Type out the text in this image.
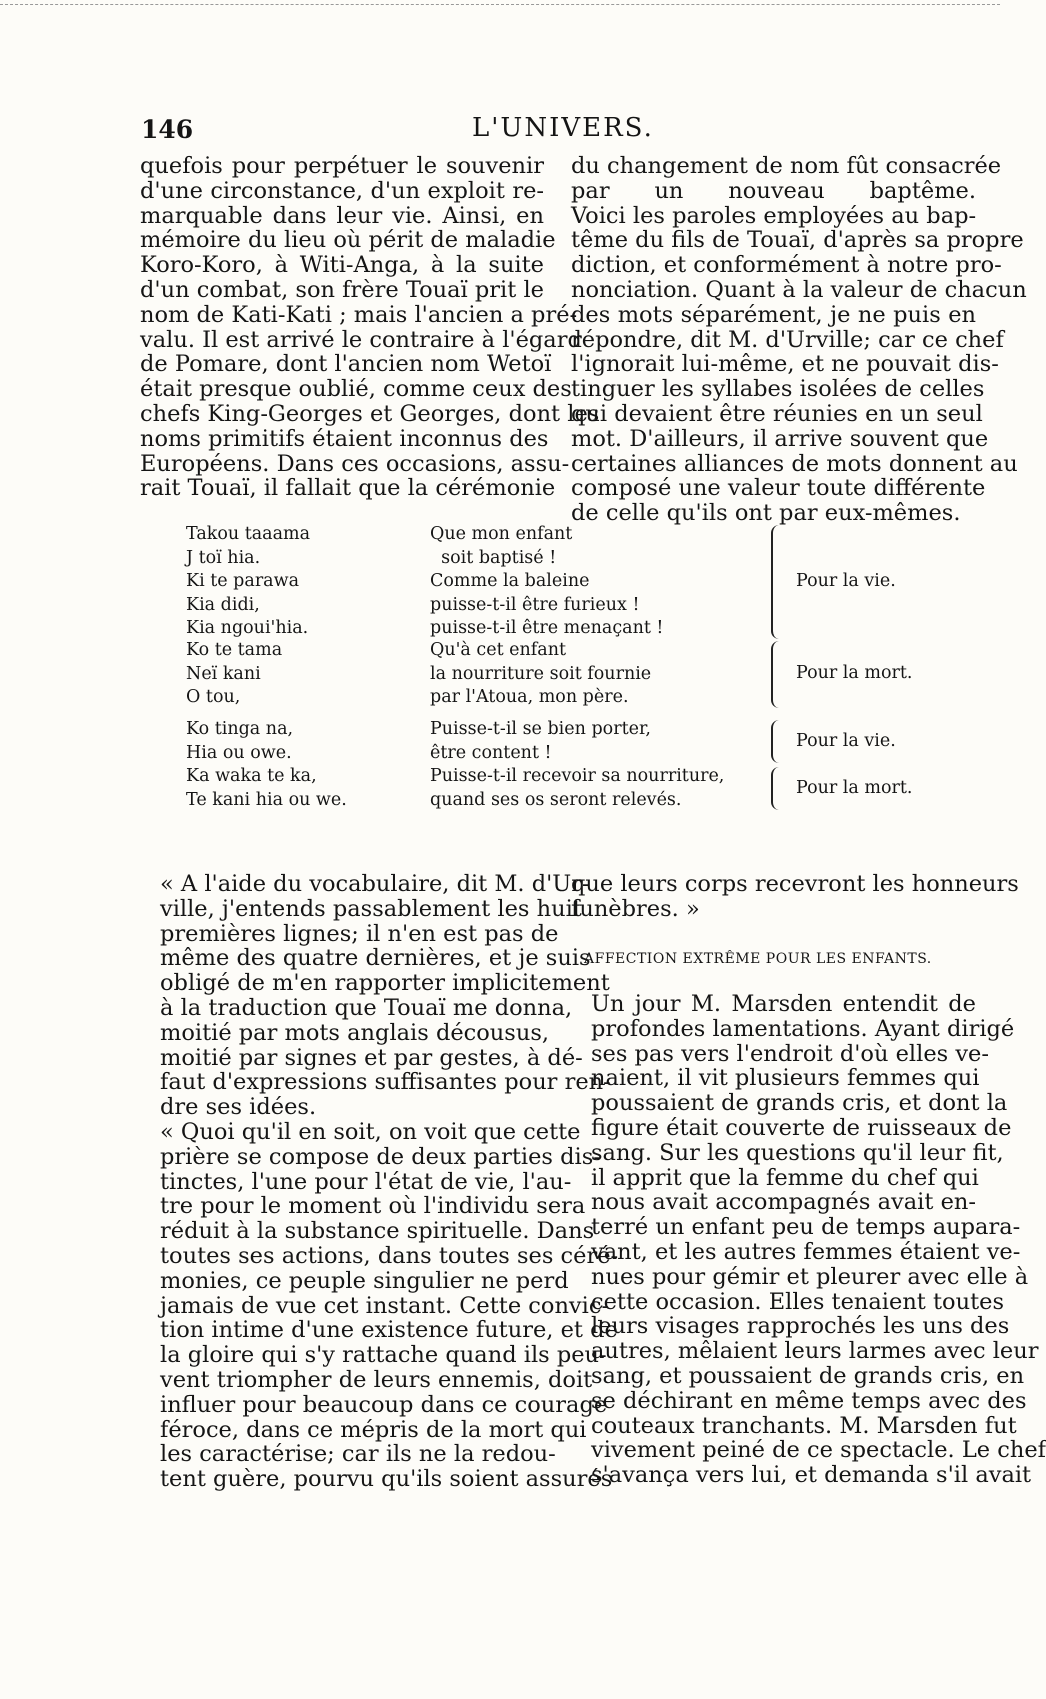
146	L'UNIVERS.

quefois pour perpétuer le souvenir
d'une circonstance, d'un exploit re-
marquable dans leur vie. Ainsi, en
mémoire du lieu où périt de maladie
Koro-Koro, à Witi-Anga, à la suite
d'un combat, son frère Touaï prit le
nom de Kati-Kati ; mais l'ancien a pré-
valu. Il est arrivé le contraire à l'égard
de Pomare, dont l'ancien nom Wetoï
était presque oublié, comme ceux des
chefs King-Georges et Georges, dont les
noms primitifs étaient inconnus des
Européens. Dans ces occasions, assu-
rait Touaï, il fallait que la cérémonie

du changement de nom fût consacrée
par un nouveau baptême.
Voici les paroles employées au bap-
tême du fils de Touaï, d'après sa propre
diction, et conformément à notre pro-
nonciation. Quant à la valeur de chacun
des mots séparément, je ne puis en
répondre, dit M. d'Urville; car ce chef
l'ignorait lui-même, et ne pouvait dis-
tinguer les syllabes isolées de celles
qui devaient être réunies en un seul
mot. D'ailleurs, il arrive souvent que
certaines alliances de mots donnent au
composé une valeur toute différente
de celle qu'ils ont par eux-mêmes.

Takou taaama
J toï hia.
Ki te parawa
Kia didi,
Kia ngoui'hia.
Que mon enfant
soit baptisé !
Comme la baleine
puisse-t-il être furieux !
puisse-t-il être menaçant !
Pour la vie.
Ko te tama
Neï kani
O tou,
Qu'à cet enfant
la nourriture soit fournie
par l'Atoua, mon père.
Pour la mort.
Ko tinga na,
Hia ou owe.
Puisse-t-il se bien porter,
être content !
Pour la vie.
Ka waka te ka,
Te kani hia ou we.
Puisse-t-il recevoir sa nourriture,
quand ses os seront relevés.
Pour la mort.

« A l'aide du vocabulaire, dit M. d'Ur-
ville, j'entends passablement les huit
premières lignes; il n'en est pas de
même des quatre dernières, et je suis
obligé de m'en rapporter implicitement
à la traduction que Touaï me donna,
moitié par mots anglais décousus,
moitié par signes et par gestes, à dé-
faut d'expressions suffisantes pour ren-
dre ses idées.

« Quoi qu'il en soit, on voit que cette
prière se compose de deux parties dis-
tinctes, l'une pour l'état de vie, l'au-
tre pour le moment où l'individu sera
réduit à la substance spirituelle. Dans
toutes ses actions, dans toutes ses céré-
monies, ce peuple singulier ne perd
jamais de vue cet instant. Cette convic-
tion intime d'une existence future, et de
la gloire qui s'y rattache quand ils peu-
vent triompher de leurs ennemis, doit
influer pour beaucoup dans ce courage
féroce, dans ce mépris de la mort qui
les caractérise; car ils ne la redou-
tent guère, pourvu qu'ils soient assurés

que leurs corps recevront les honneurs
funèbres. »

AFFECTION EXTRÊME POUR LES ENFANTS.

Un jour M. Marsden entendit de
profondes lamentations. Ayant dirigé
ses pas vers l'endroit d'où elles ve-
naient, il vit plusieurs femmes qui
poussaient de grands cris, et dont la
figure était couverte de ruisseaux de
sang. Sur les questions qu'il leur fit,
il apprit que la femme du chef qui
nous avait accompagnés avait en-
terré un enfant peu de temps aupara-
vant, et les autres femmes étaient ve-
nues pour gémir et pleurer avec elle à
cette occasion. Elles tenaient toutes
leurs visages rapprochés les uns des
autres, mêlaient leurs larmes avec leur
sang, et poussaient de grands cris, en
se déchirant en même temps avec des
couteaux tranchants. M. Marsden fut
vivement peiné de ce spectacle. Le chef
s'avança vers lui, et demanda s'il avait
